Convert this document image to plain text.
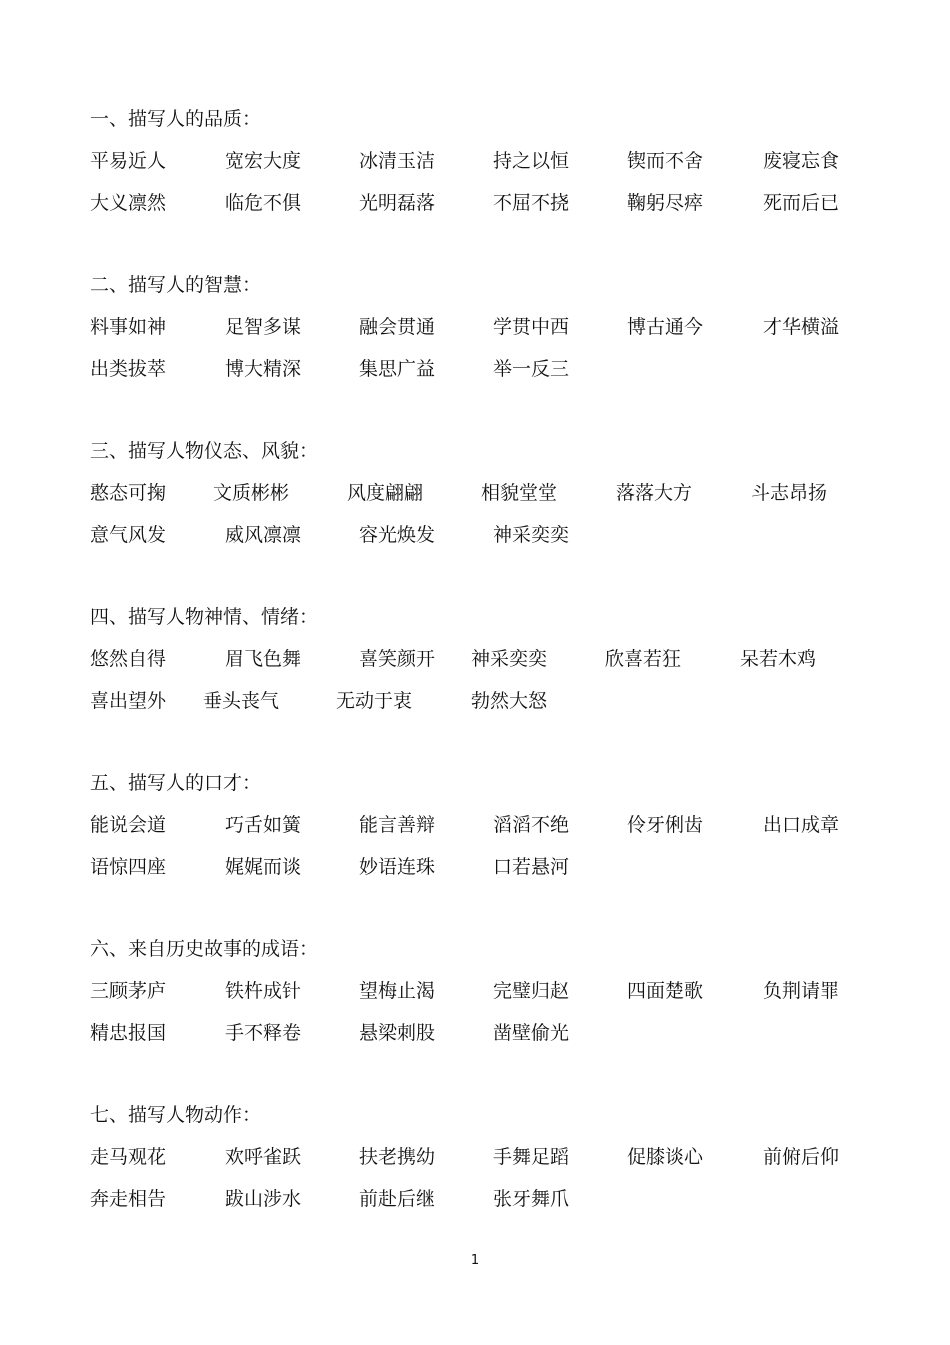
一、描写人的品质：
平易近人	宽宏大度	冰清玉洁	持之以恒	锲而不舍	废寝忘食
大义凛然	临危不俱	光明磊落	不屈不挠	鞠躬尽瘁	死而后已
二、描写人的智慧：
料事如神	足智多谋	融会贯通	学贯中西	博古通今	才华横溢
出类拔萃	博大精深	集思广益	举一反三
三、描写人物仪态、风貌：
憨态可掬 文质彬彬	风度翩翩	相貌堂堂	落落大方	斗志昂扬
意气风发	威风凛凛	容光焕发	神采奕奕
四、描写人物神情、情绪：
悠然自得	眉飞色舞	喜笑颜开 神采奕奕	欣喜若狂	呆若木鸡
喜出望外 垂头丧气	无动于衷	勃然大怒
五、描写人的口才：
能说会道	巧舌如簧	能言善辩	滔滔不绝	伶牙俐齿	出口成章
语惊四座	娓娓而谈	妙语连珠	口若悬河
六、来自历史故事的成语：
三顾茅庐	铁杵成针	望梅止渴	完璧归赵	四面楚歌	负荆请罪
精忠报国	手不释卷	悬梁刺股	凿壁偷光
七、描写人物动作：
走马观花	欢呼雀跃	扶老携幼	手舞足蹈	促膝谈心	前俯后仰
奔走相告	跋山涉水	前赴后继	张牙舞爪
1
